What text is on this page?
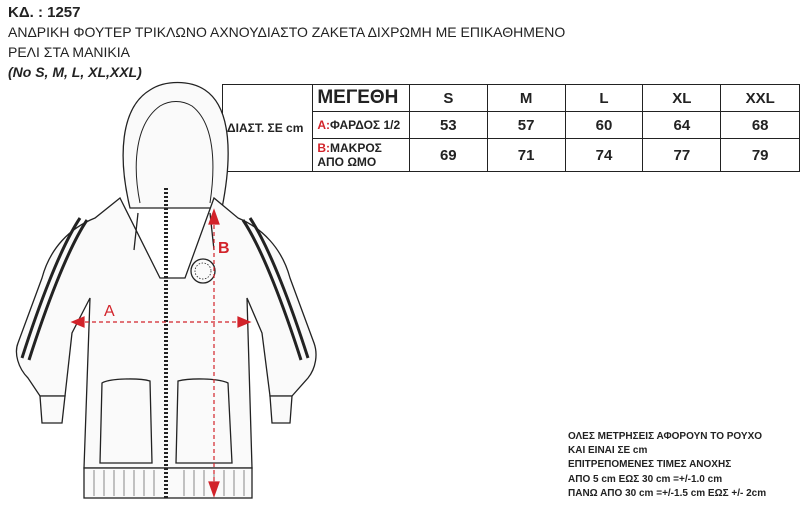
ΚΔ. : 1257
ΑΝΔΡΙΚΗ ΦΟΥΤΕΡ ΤΡΙΚΛΩΝΟ ΑΧΝΟΥΔΙΑΣΤΟ ΖΑΚΕΤΑ ΔΙΧΡΩΜΗ ΜΕ ΕΠΙΚΑΘΗΜΕΝΟ
ΡΕΛΙ ΣΤΑ ΜΑΝΙΚΙΑ
(No S, M, L, XL,XXL)
ΔΙΑΣΤ. ΣΕ cm	ΜΕΓΕΘΗ	S	M	L	XL	XXL
	A:ΦΑΡΔΟΣ 1/2	53	57	60	64	68
	B:ΜΑΚΡΟΣ ΑΠΟ ΩΜΟ	69	71	74	77	79
A
B
ΟΛΕΣ ΜΕΤΡΗΣΕΙΣ ΑΦΟΡΟΥΝ ΤΟ ΡΟΥΧΟ
ΚΑΙ ΕΙΝΑΙ ΣΕ cm
ΕΠΙΤΡΕΠΟΜΕΝΕΣ ΤΙΜΕΣ ΑΝΟΧΗΣ
ΑΠΟ 5 cm ΕΩΣ 30 cm =+/-1.0 cm
ΠΑΝΩ ΑΠΟ 30 cm =+/-1.5 cm ΕΩΣ +/- 2cm
